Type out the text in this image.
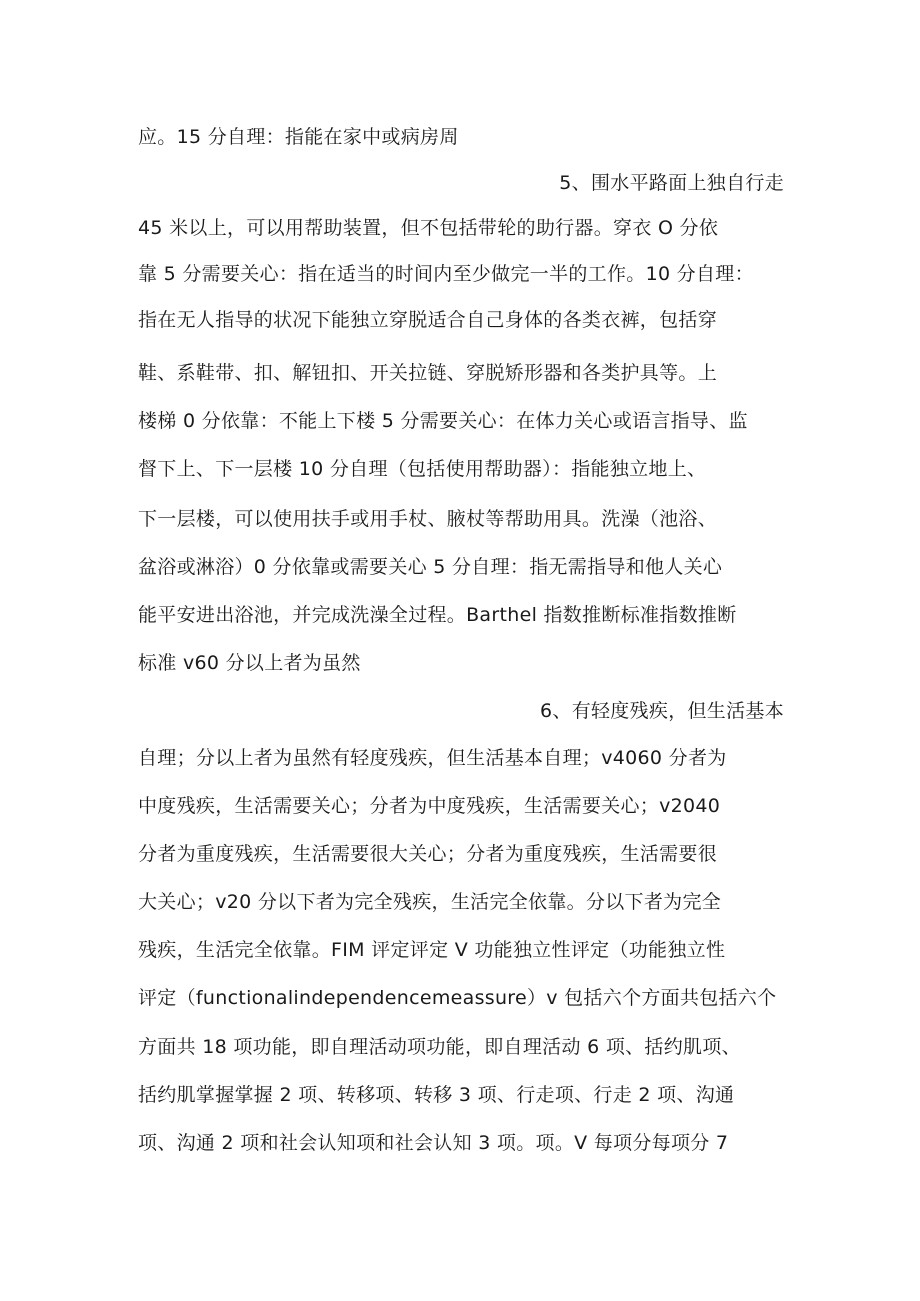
应。15 分自理：指能在家中或病房周
5、围水平路面上独自行走
45 米以上，可以用帮助装置，但不包括带轮的助行器。穿衣 O 分依
靠 5 分需要关心：指在适当的时间内至少做完一半的工作。10 分自理：
指在无人指导的状况下能独立穿脱适合自己身体的各类衣裤，包括穿
鞋、系鞋带、扣、解钮扣、开关拉链、穿脱矫形器和各类护具等。上
楼梯 0 分依靠：不能上下楼 5 分需要关心：在体力关心或语言指导、监
督下上、下一层楼 10 分自理（包括使用帮助器）：指能独立地上、
下一层楼，可以使用扶手或用手杖、腋杖等帮助用具。洗澡（池浴、
盆浴或淋浴）0 分依靠或需要关心 5 分自理：指无需指导和他人关心
能平安进出浴池，并完成洗澡全过程。Barthel 指数推断标准指数推断
标准 v60 分以上者为虽然
6、有轻度残疾，但生活基本
自理；分以上者为虽然有轻度残疾，但生活基本自理；v4060 分者为
中度残疾，生活需要关心；分者为中度残疾，生活需要关心；v2040
分者为重度残疾，生活需要很大关心；分者为重度残疾，生活需要很
大关心；v20 分以下者为完全残疾，生活完全依靠。分以下者为完全
残疾，生活完全依靠。FIM 评定评定 V 功能独立性评定（功能独立性
评定（functionalindependencemeassure）v 包括六个方面共包括六个
方面共 18 项功能，即自理活动项功能，即自理活动 6 项、括约肌项、
括约肌掌握掌握 2 项、转移项、转移 3 项、行走项、行走 2 项、沟通
项、沟通 2 项和社会认知项和社会认知 3 项。项。V 每项分每项分 7
